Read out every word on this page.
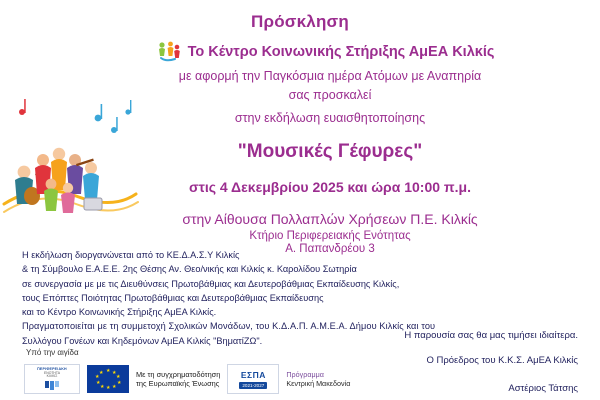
Πρόσκληση
Το Κέντρο Κοινωνικής Στήριξης ΑμΕΑ Κιλκίς
με αφορμή την Παγκόσμια ημέρα Ατόμων με Αναπηρία
σας προσκαλεί
στην εκδήλωση ευαισθητοποίησης
"Μουσικές Γέφυρες"
στις 4 Δεκεμβρίου 2025 και ώρα 10:00 π.μ.
στην Αίθουσα Πολλαπλών Χρήσεων Π.Ε. Κιλκίς
Κτήριο Περιφερειακής Ενότητας
Α. Παπανδρέου 3
Η εκδήλωση διοργανώνεται από το ΚΕ.Δ.Α.Σ.Υ Κιλκίς
& τη Σύμβουλο Ε.Α.Ε.Ε. 2ης Θέσης Αν. Θεο/νικής και Κιλκίς κ. Καρολίδου Σωτηρία
σε συνεργασία με με τις Διευθύνσεις Πρωτοβάθμιας και Δευτεροβάθμιας Εκπαίδευσης Κιλκίς,
τους Επόπτες Ποιότητας Πρωτοβάθμιας και Δευτεροβάθμιας Εκπαίδευσης
και το Κέντρο Κοινωνικής Στήριξης ΑμΕΑ Κιλκίς.
Πραγματοποιείται με τη συμμετοχή Σχολικών Μονάδων, του Κ.Δ.Α.Π. Α.Μ.Ε.Α. Δήμου Κιλκίς και του
Συλλόγου Γονέων και Κηδεμόνων ΑμΕΑ Κιλκίς "ΒηματίΖΩ".	Η παρουσία σας θα μας τιμήσει ιδιαίτερα.
Ο Πρόεδρος του Κ.Κ.Σ. ΑμΕΑ Κιλκίς
Αστέριος Τάτσης
Υπό την αιγίδα
ΠΕΡΙΦΕΡΕΙΑΚΗ
ΕΝΟΤΗΤΑ
ΚΙΛΚΙΣ
★ ★
★
★
★
★
★
★
★
★	Με τη συγχρηματοδότηση
της Ευρωπαϊκής Ένωσης
ΕΣΠΑ
2021-2027
Πρόγραμμα
Κεντρική Μακεδονία
